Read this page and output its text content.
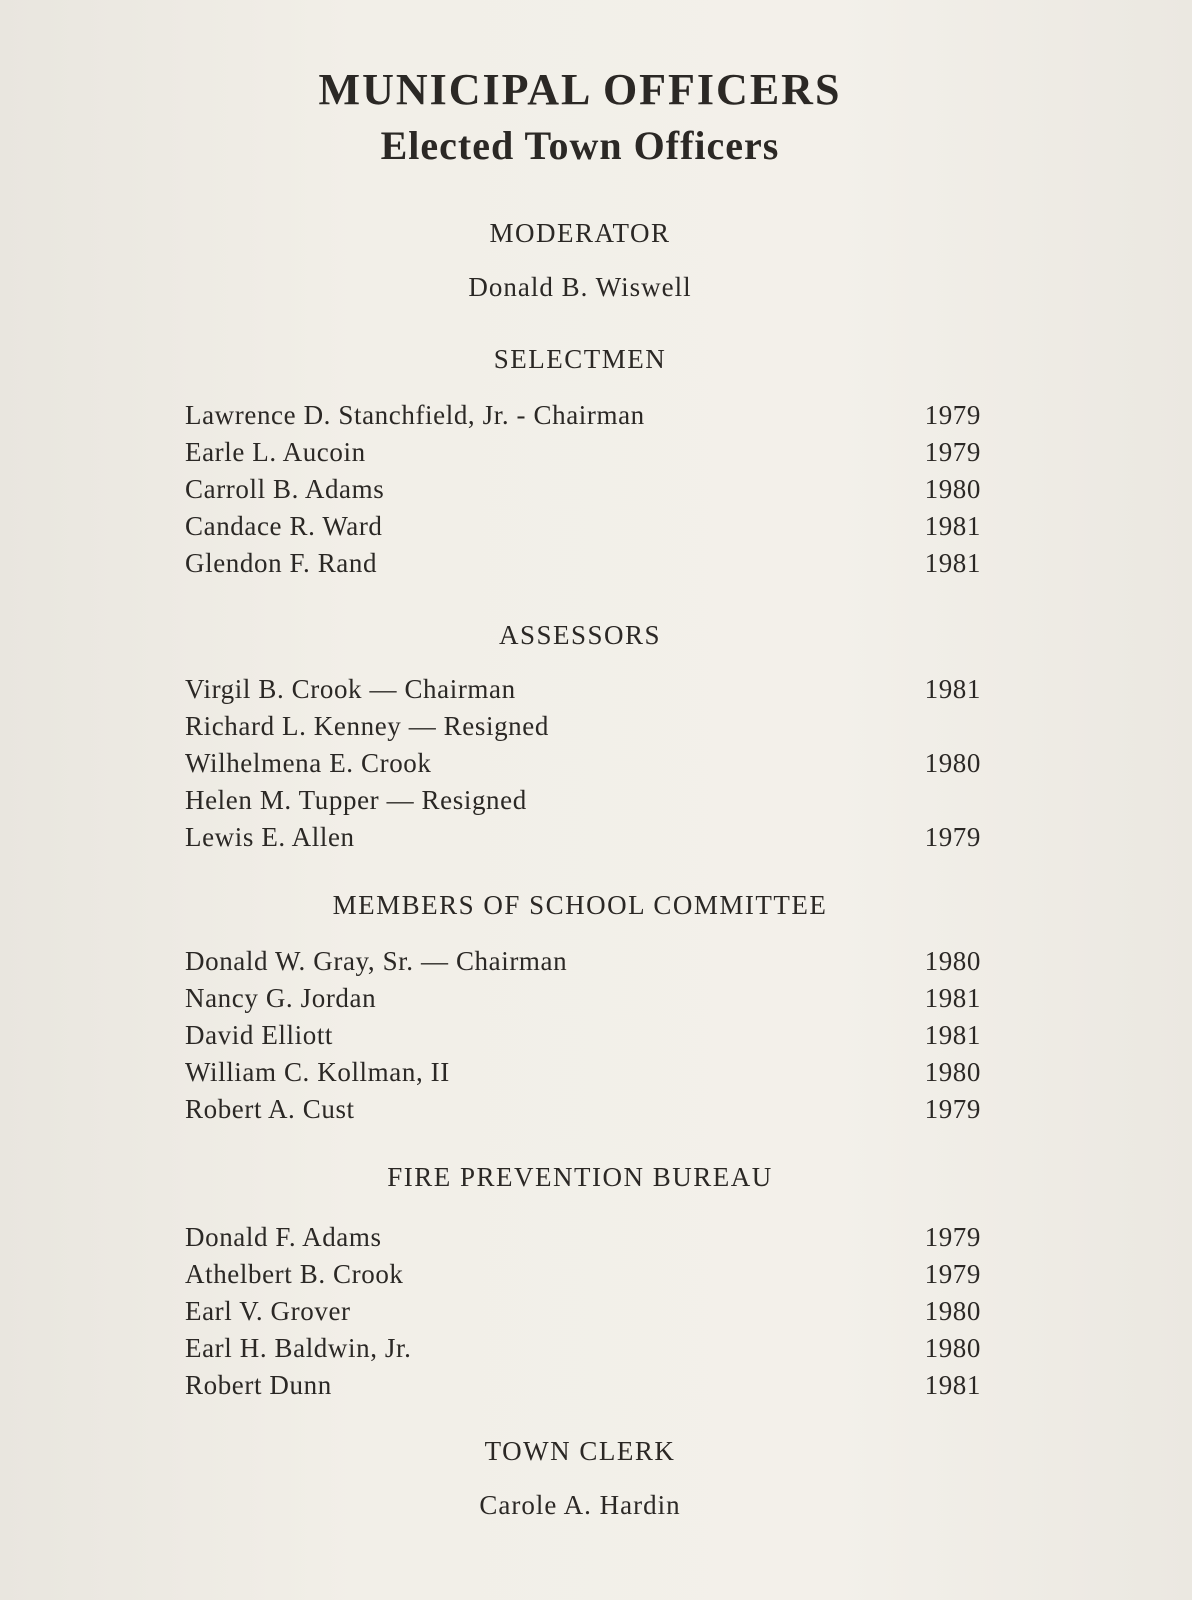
MUNICIPAL OFFICERS
Elected Town Officers
MODERATOR
Donald B. Wiswell
SELECTMEN
Lawrence D. Stanchfield, Jr. - Chairman	1979
Earle L. Aucoin	1979
Carroll B. Adams	1980
Candace R. Ward	1981
Glendon F. Rand	1981
ASSESSORS
Virgil B. Crook — Chairman	1981
Richard L. Kenney — Resigned
Wilhelmena E. Crook	1980
Helen M. Tupper — Resigned
Lewis E. Allen	1979
MEMBERS OF SCHOOL COMMITTEE
Donald W. Gray, Sr. — Chairman	1980
Nancy G. Jordan	1981
David Elliott	1981
William C. Kollman, II	1980
Robert A. Cust	1979
FIRE PREVENTION BUREAU
Donald F. Adams	1979
Athelbert B. Crook	1979
Earl V. Grover	1980
Earl H. Baldwin, Jr.	1980
Robert Dunn	1981
TOWN CLERK
Carole A. Hardin
